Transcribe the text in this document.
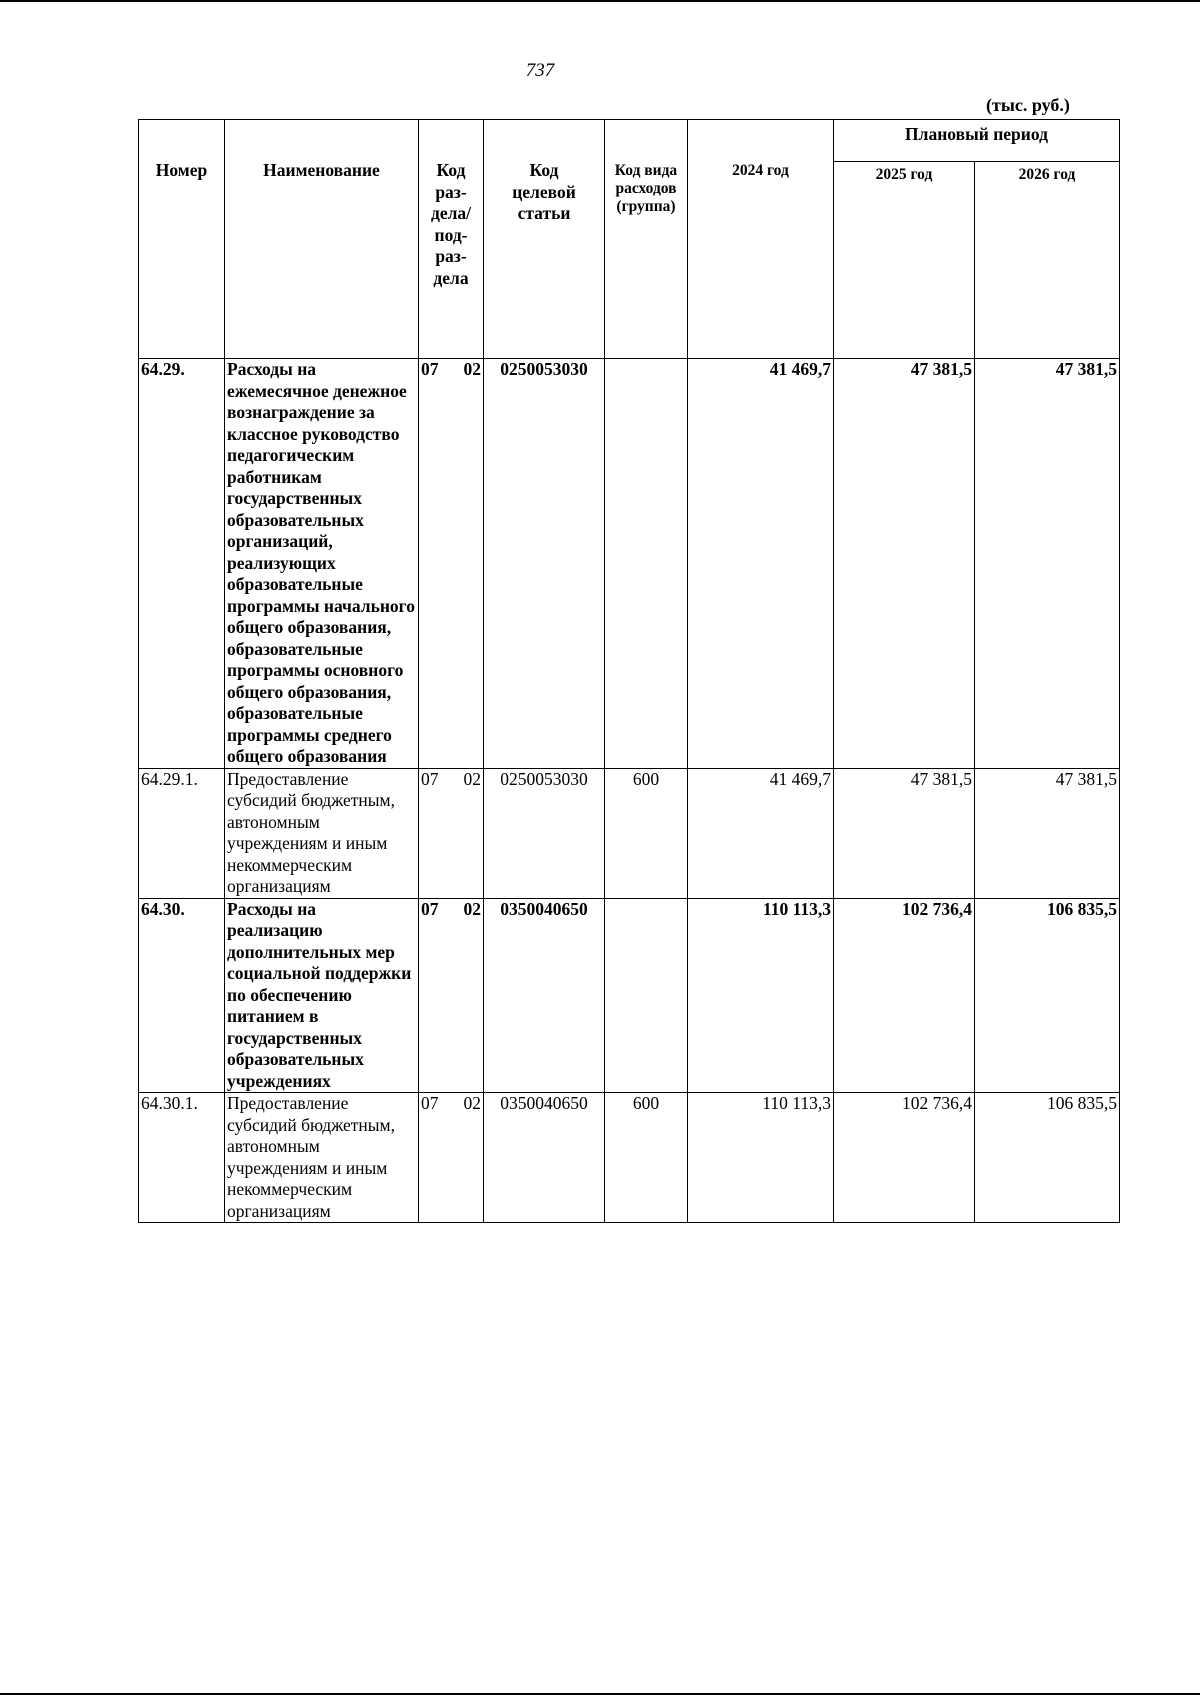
737
(тыс. руб.)
Номер	Наименование	Код раз-дела/ под-раз-дела	Код целевой статьи	Код вида расходов (группа)	2024 год	Плановый период	
						2025 год	2026 год
64.29.	Расходы на ежемесячное денежное вознаграждение за классное руководство педагогическим работникам государственных образовательных организаций, реализующих образовательные программы начального общего образования, образовательные программы основного общего образования, образовательные программы среднего общего образования	07 02	0250053030		41 469,7	47 381,5	47 381,5
64.29.1.	Предоставление субсидий бюджетным, автономным учреждениям и иным некоммерческим организациям	07 02	0250053030	600	41 469,7	47 381,5	47 381,5
64.30.	Расходы на реализацию дополнительных мер социальной поддержки по обеспечению питанием в государственных образовательных учреждениях	07 02	0350040650		110 113,3	102 736,4	106 835,5
64.30.1.	Предоставление субсидий бюджетным, автономным учреждениям и иным некоммерческим организациям	07 02	0350040650	600	110 113,3	102 736,4	106 835,5
